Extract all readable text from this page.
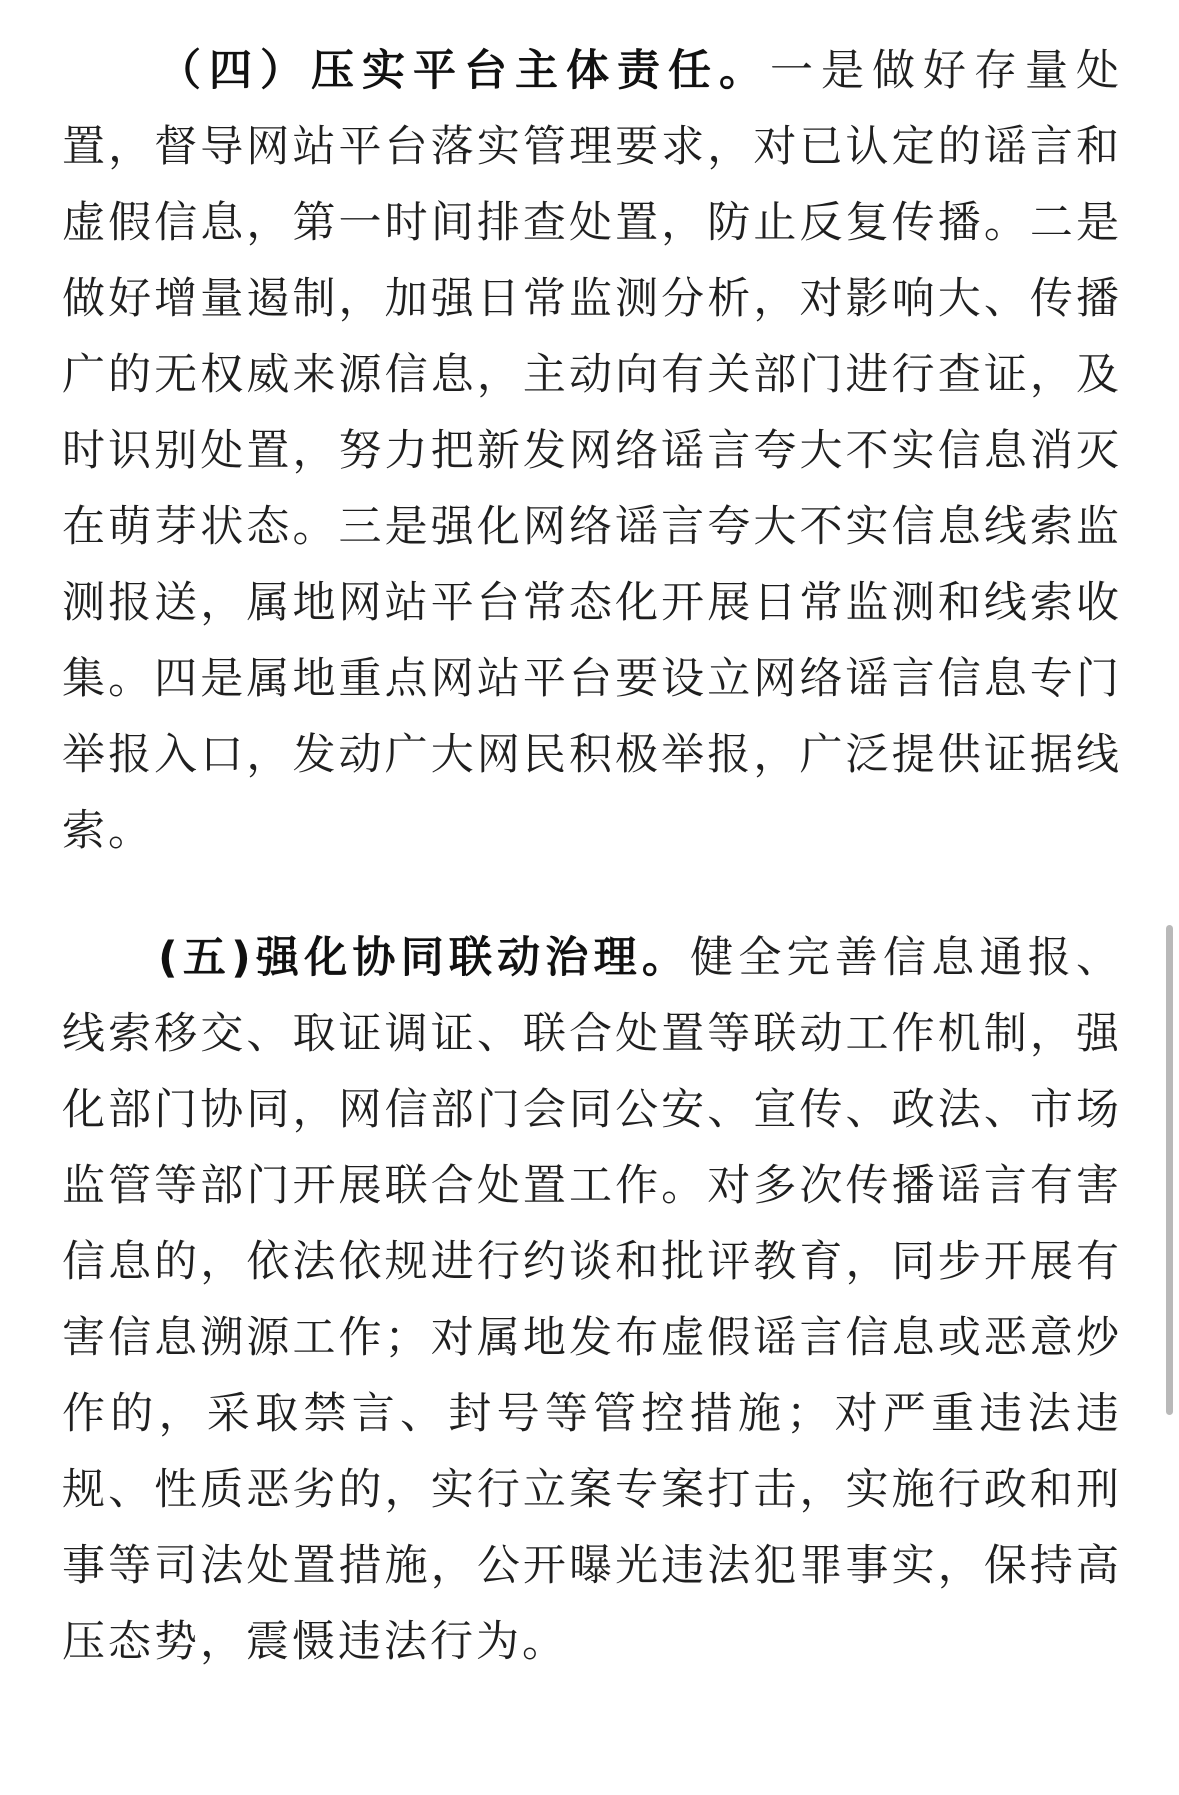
（四）压实平台主体责任。一是做好存量处置，督导网站平台落实管理要求，对已认定的谣言和虚假信息，第一时间排查处置，防止反复传播。二是做好增量遏制，加强日常监测分析，对影响大、传播广的无权威来源信息，主动向有关部门进行查证，及时识别处置，努力把新发网络谣言夸大不实信息消灭在萌芽状态。三是强化网络谣言夸大不实信息线索监测报送，属地网站平台常态化开展日常监测和线索收集。四是属地重点网站平台要设立网络谣言信息专门举报入口，发动广大网民积极举报，广泛提供证据线索。

(五)强化协同联动治理。健全完善信息通报、线索移交、取证调证、联合处置等联动工作机制，强化部门协同，网信部门会同公安、宣传、政法、市场监管等部门开展联合处置工作。对多次传播谣言有害信息的，依法依规进行约谈和批评教育，同步开展有害信息溯源工作；对属地发布虚假谣言信息或恶意炒作的，采取禁言、封号等管控措施；对严重违法违规、性质恶劣的，实行立案专案打击，实施行政和刑事等司法处置措施，公开曝光违法犯罪事实，保持高压态势，震慑违法行为。
